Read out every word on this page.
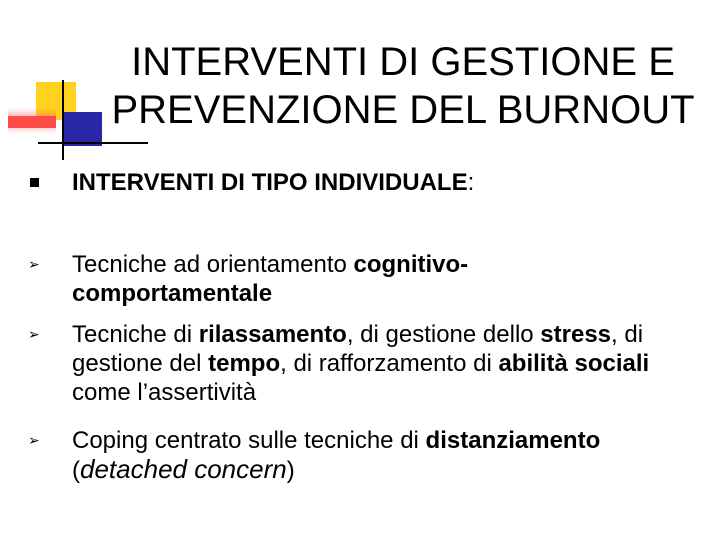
INTERVENTI DI GESTIONE E
PREVENZIONE DEL BURNOUT
INTERVENTI DI TIPO INDIVIDUALE:
➢ Tecniche ad orientamento cognitivo-comportamentale
➢ Tecniche di rilassamento, di gestione dello stress, di gestione del tempo, di rafforzamento di abilità sociali come l’assertività
➢ Coping centrato sulle tecniche di distanziamento (detached concern)
